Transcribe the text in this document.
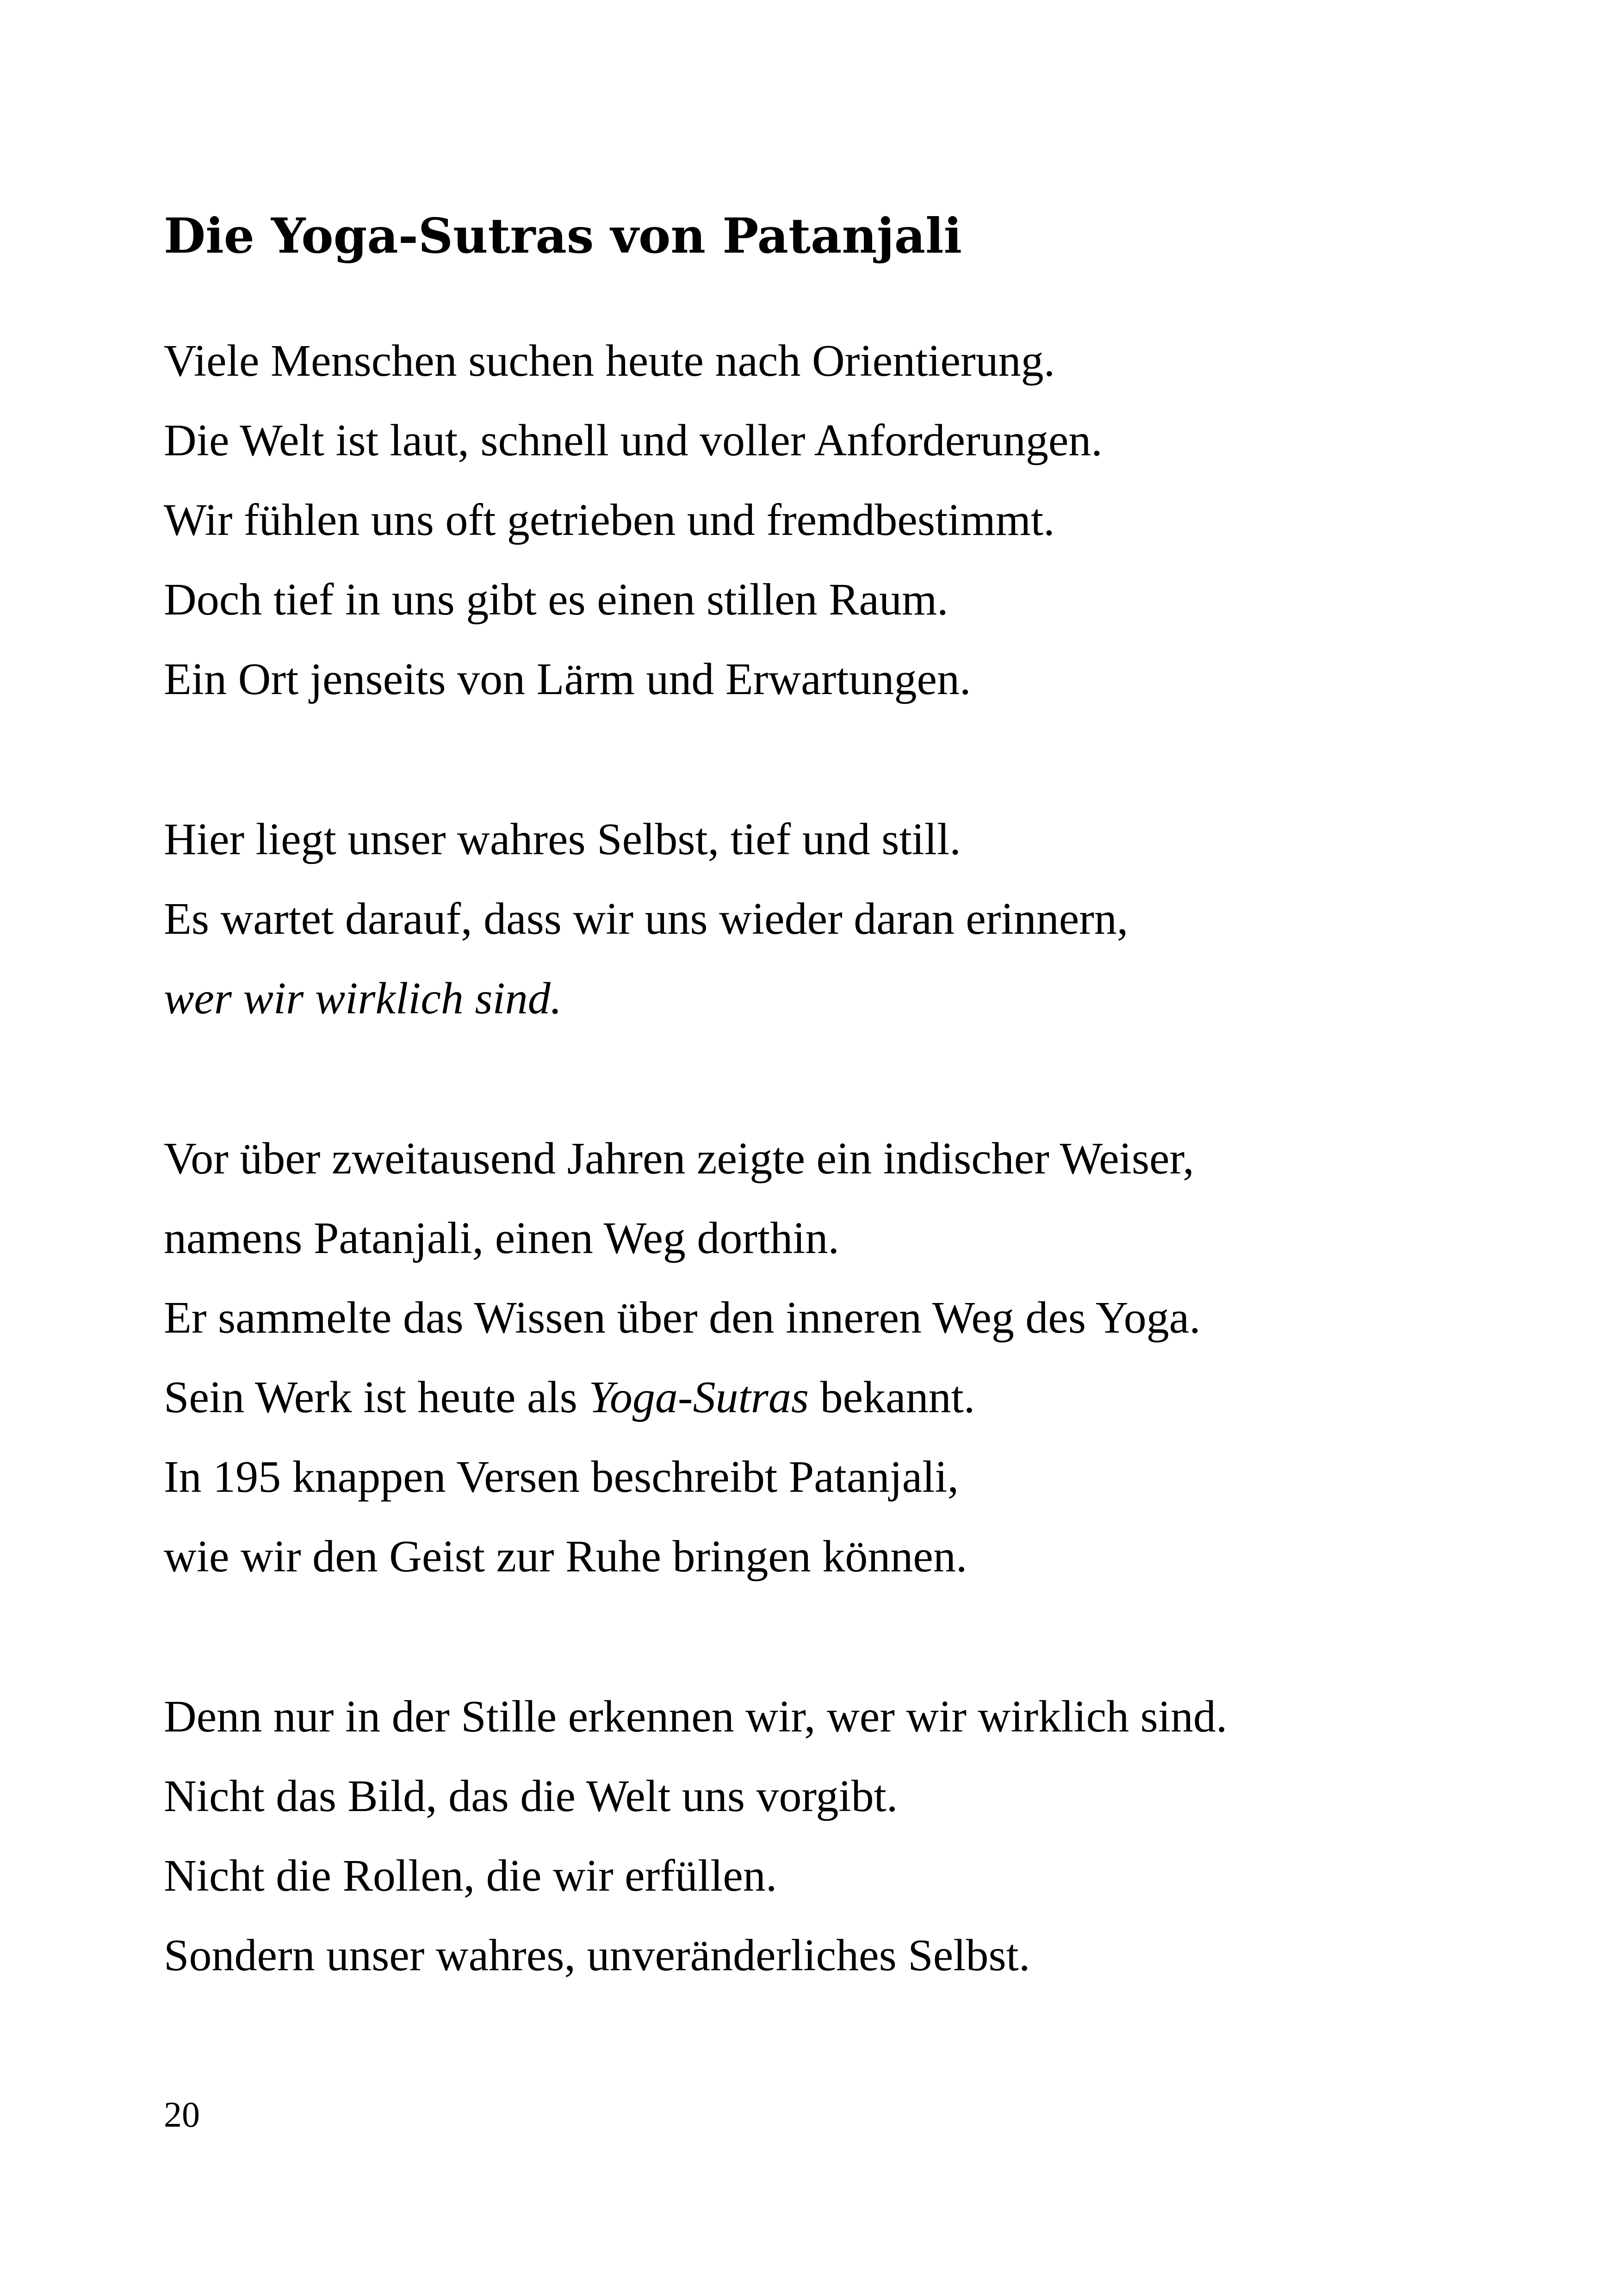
Die Yoga-Sutras von Patanjali

Viele Menschen suchen heute nach Orientierung.

Die Welt ist laut, schnell und voller Anforderungen.

Wir fühlen uns oft getrieben und fremdbestimmt.

Doch tief in uns gibt es einen stillen Raum.

Ein Ort jenseits von Lärm und Erwartungen.

Hier liegt unser wahres Selbst, tief und still.

Es wartet darauf, dass wir uns wieder daran erinnern,

wer wir wirklich sind.

Vor über zweitausend Jahren zeigte ein indischer Weiser,

namens Patanjali, einen Weg dorthin.

Er sammelte das Wissen über den inneren Weg des Yoga.

Sein Werk ist heute als Yoga-Sutras bekannt.

In 195 knappen Versen beschreibt Patanjali,

wie wir den Geist zur Ruhe bringen können.

Denn nur in der Stille erkennen wir, wer wir wirklich sind.

Nicht das Bild, das die Welt uns vorgibt.

Nicht die Rollen, die wir erfüllen.

Sondern unser wahres, unveränderliches Selbst.

20
